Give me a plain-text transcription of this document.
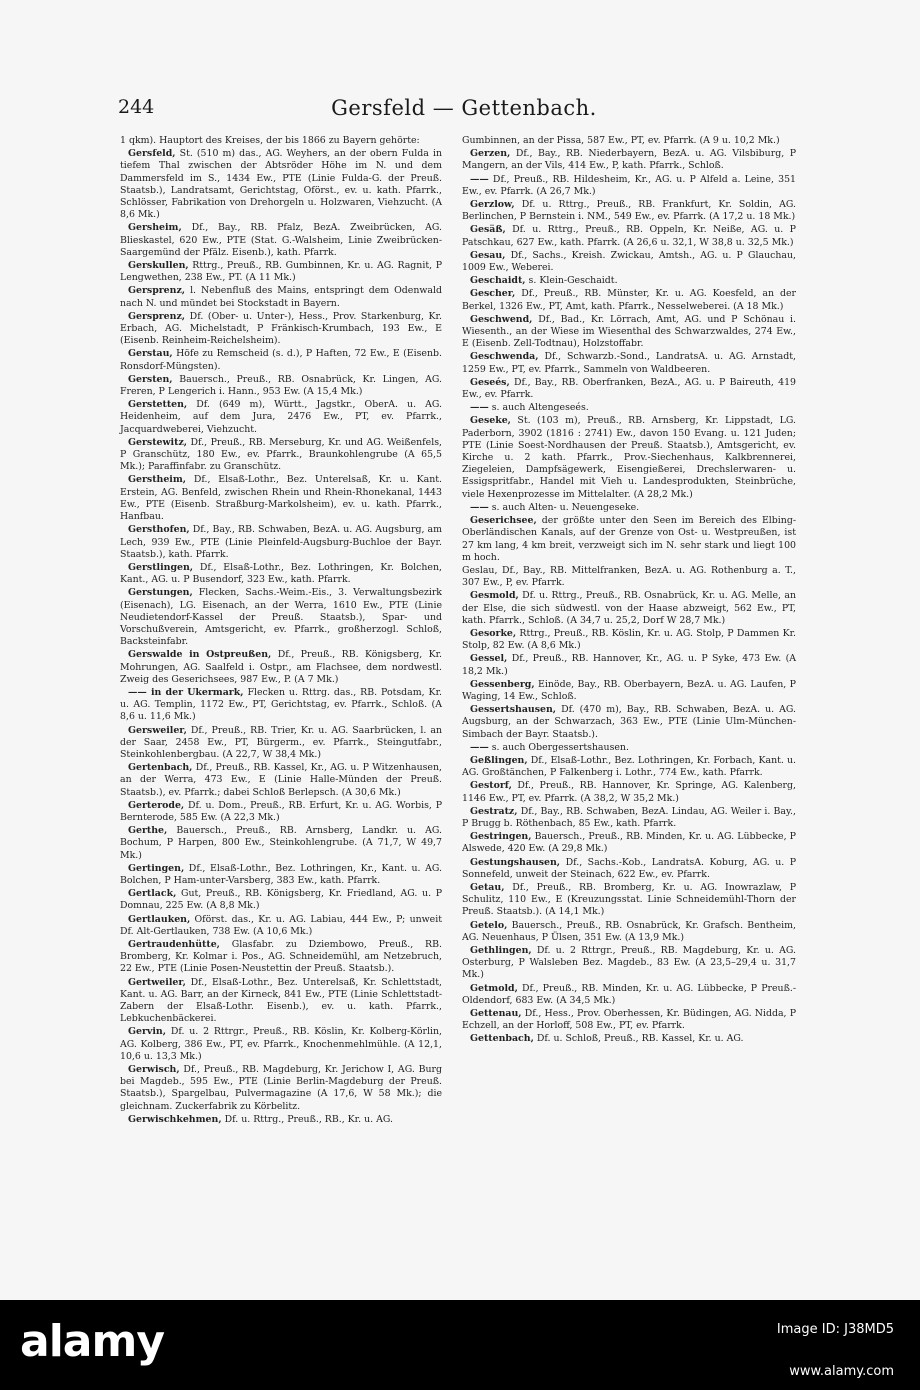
244	Gersfeld — Gettenbach.

1 qkm). Hauptort des Kreises, der bis 1866 zu Bayern gehörte:

Gersfeld, St. (510 m) das., AG. Weyhers, an der obern Fulda in tiefem Thal zwischen der Abtsröder Höhe im N. und dem Dammersfeld im S., 1434 Ew., PTE (Linie Fulda-G. der Preuß. Staatsb.), Landratsamt, Gerichtstag, Oförst., ev. u. kath. Pfarrk., Schlösser, Fabrikation von Drehorgeln u. Holzwaren, Viehzucht. (A 8,6 Mk.)

Gersheim, Df., Bay., RB. Pfalz, BezA. Zweibrücken, AG. Blieskastel, 620 Ew., PTE (Stat. G.-Walsheim, Linie Zweibrücken-Saargemünd der Pfälz. Eisenb.), kath. Pfarrk.

Gerskullen, Rttrg., Preuß., RB. Gumbinnen, Kr. u. AG. Ragnit, P Lengwethen, 238 Ew., PT. (A 11 Mk.)

Gersprenz, l. Nebenfluß des Mains, entspringt dem Odenwald nach N. und mündet bei Stockstadt in Bayern.

Gersprenz, Df. (Ober- u. Unter-), Hess., Prov. Starkenburg, Kr. Erbach, AG. Michelstadt, P Fränkisch-Krumbach, 193 Ew., E (Eisenb. Reinheim-Reichelsheim).

Gerstau, Höfe zu Remscheid (s. d.), P Haften, 72 Ew., E (Eisenb. Ronsdorf-Müngsten).

Gersten, Bauersch., Preuß., RB. Osnabrück, Kr. Lingen, AG. Freren, P Lengerich i. Hann., 953 Ew. (A 15,4 Mk.)

Gerstetten, Df. (649 m), Württ., Jagstkr., OberA. u. AG. Heidenheim, auf dem Jura, 2476 Ew., PT, ev. Pfarrk., Jacquardweberei, Viehzucht.

Gerstewitz, Df., Preuß., RB. Merseburg, Kr. und AG. Weißenfels, P Granschütz, 180 Ew., ev. Pfarrk., Braunkohlengrube (A 65,5 Mk.); Paraffinfabr. zu Granschütz.

Gerstheim, Df., Elsaß-Lothr., Bez. Unterelsaß, Kr. u. Kant. Erstein, AG. Benfeld, zwischen Rhein und Rhein-Rhonekanal, 1443 Ew., PTE (Eisenb. Straßburg-Markolsheim), ev. u. kath. Pfarrk., Hanfbau.

Gersthofen, Df., Bay., RB. Schwaben, BezA. u. AG. Augsburg, am Lech, 939 Ew., PTE (Linie Pleinfeld-Augsburg-Buchloe der Bayr. Staatsb.), kath. Pfarrk.

Gerstlingen, Df., Elsaß-Lothr., Bez. Lothringen, Kr. Bolchen, Kant., AG. u. P Busendorf, 323 Ew., kath. Pfarrk.

Gerstungen, Flecken, Sachs.-Weim.-Eis., 3. Verwaltungsbezirk (Eisenach), LG. Eisenach, an der Werra, 1610 Ew., PTE (Linie Neudietendorf-Kassel der Preuß. Staatsb.), Spar- und Vorschußverein, Amtsgericht, ev. Pfarrk., großherzogl. Schloß, Backsteinfabr.

Gerswalde in Ostpreußen, Df., Preuß., RB. Königsberg, Kr. Mohrungen, AG. Saalfeld i. Ostpr., am Flachsee, dem nordwestl. Zweig des Geserichsees, 987 Ew., P. (A 7 Mk.)

—— in der Ukermark, Flecken u. Rttrg. das., RB. Potsdam, Kr. u. AG. Templin, 1172 Ew., PT, Gerichtstag, ev. Pfarrk., Schloß. (A 8,6 u. 11,6 Mk.)

Gersweiler, Df., Preuß., RB. Trier, Kr. u. AG. Saarbrücken, l. an der Saar, 2458 Ew., PT, Bürgerm., ev. Pfarrk., Steingutfabr., Steinkohlenbergbau. (A 22,7, W 38,4 Mk.)

Gertenbach, Df., Preuß., RB. Kassel, Kr., AG. u. P Witzenhausen, an der Werra, 473 Ew., E (Linie Halle-Münden der Preuß. Staatsb.), ev. Pfarrk.; dabei Schloß Berlepsch. (A 30,6 Mk.)

Gerterode, Df. u. Dom., Preuß., RB. Erfurt, Kr. u. AG. Worbis, P Bernterode, 585 Ew. (A 22,3 Mk.)

Gerthe, Bauersch., Preuß., RB. Arnsberg, Landkr. u. AG. Bochum, P Harpen, 800 Ew., Steinkohlengrube. (A 71,7, W 49,7 Mk.)

Gertingen, Df., Elsaß-Lothr., Bez. Lothringen, Kr., Kant. u. AG. Bolchen, P Ham-unter-Varsberg, 383 Ew., kath. Pfarrk.

Gertlack, Gut, Preuß., RB. Königsberg, Kr. Friedland, AG. u. P Domnau, 225 Ew. (A 8,8 Mk.)

Gertlauken, Oförst. das., Kr. u. AG. Labiau, 444 Ew., P; unweit Df. Alt-Gertlauken, 738 Ew. (A 10,6 Mk.)

Gertraudenhütte, Glasfabr. zu Dziembowo, Preuß., RB. Bromberg, Kr. Kolmar i. Pos., AG. Schneidemühl, am Netzebruch, 22 Ew., PTE (Linie Posen-Neustettin der Preuß. Staatsb.).

Gertweiler, Df., Elsaß-Lothr., Bez. Unterelsaß, Kr. Schlettstadt, Kant. u. AG. Barr, an der Kirneck, 841 Ew., PTE (Linie Schlettstadt-Zabern der Elsaß-Lothr. Eisenb.), ev. u. kath. Pfarrk., Lebkuchenbäckerei.

Gervin, Df. u. 2 Rttrgr., Preuß., RB. Köslin, Kr. Kolberg-Körlin, AG. Kolberg, 386 Ew., PT, ev. Pfarrk., Knochenmehlmühle. (A 12,1, 10,6 u. 13,3 Mk.)

Gerwisch, Df., Preuß., RB. Magdeburg, Kr. Jerichow I, AG. Burg bei Magdeb., 595 Ew., PTE (Linie Berlin-Magdeburg der Preuß. Staatsb.), Spargelbau, Pulvermagazine (A 17,6, W 58 Mk.); die gleichnam. Zuckerfabrik zu Körbelitz.

Gerwischkehmen, Df. u. Rttrg., Preuß., RB., Kr. u. AG.

Gumbinnen, an der Pissa, 587 Ew., PT, ev. Pfarrk. (A 9 u. 10,2 Mk.)

Gerzen, Df., Bay., RB. Niederbayern, BezA. u. AG. Vilsbiburg, P Mangern, an der Vils, 414 Ew., P, kath. Pfarrk., Schloß.

—— Df., Preuß., RB. Hildesheim, Kr., AG. u. P Alfeld a. Leine, 351 Ew., ev. Pfarrk. (A 26,7 Mk.)

Gerzlow, Df. u. Rttrg., Preuß., RB. Frankfurt, Kr. Soldin, AG. Berlinchen, P Bernstein i. NM., 549 Ew., ev. Pfarrk. (A 17,2 u. 18 Mk.)

Gesäß, Df. u. Rttrg., Preuß., RB. Oppeln, Kr. Neiße, AG. u. P Patschkau, 627 Ew., kath. Pfarrk. (A 26,6 u. 32,1, W 38,8 u. 32,5 Mk.)

Gesau, Df., Sachs., Kreish. Zwickau, Amtsh., AG. u. P Glauchau, 1009 Ew., Weberei.

Geschaidt, s. Klein-Geschaidt.

Gescher, Df., Preuß., RB. Münster, Kr. u. AG. Koesfeld, an der Berkel, 1326 Ew., PT, Amt, kath. Pfarrk., Nesselweberei. (A 18 Mk.)

Geschwend, Df., Bad., Kr. Lörrach, Amt, AG. und P Schönau i. Wiesenth., an der Wiese im Wiesenthal des Schwarzwaldes, 274 Ew., E (Eisenb. Zell-Todtnau), Holzstoffabr.

Geschwenda, Df., Schwarzb.-Sond., LandratsA. u. AG. Arnstadt, 1259 Ew., PT, ev. Pfarrk., Sammeln von Waldbeeren.

Geseés, Df., Bay., RB. Oberfranken, BezA., AG. u. P Baireuth, 419 Ew., ev. Pfarrk.

—— s. auch Altengeseés.

Geseke, St. (103 m), Preuß., RB. Arnsberg, Kr. Lippstadt, LG. Paderborn, 3902 (1816 : 2741) Ew., davon 150 Evang. u. 121 Juden; PTE (Linie Soest-Nordhausen der Preuß. Staatsb.), Amtsgericht, ev. Kirche u. 2 kath. Pfarrk., Prov.-Siechenhaus, Kalkbrennerei, Ziegeleien, Dampfsägewerk, Eisengießerei, Drechslerwaren- u. Essigspritfabr., Handel mit Vieh u. Landesprodukten, Steinbrüche, viele Hexenprozesse im Mittelalter. (A 28,2 Mk.)

—— s. auch Alten- u. Neuengeseke.

Geserichsee, der größte unter den Seen im Bereich des Elbing-Oberländischen Kanals, auf der Grenze von Ost- u. Westpreußen, ist 27 km lang, 4 km breit, verzweigt sich im N. sehr stark und liegt 100 m hoch.

Geslau, Df., Bay., RB. Mittelfranken, BezA. u. AG. Rothenburg a. T., 307 Ew., P, ev. Pfarrk.

Gesmold, Df. u. Rttrg., Preuß., RB. Osnabrück, Kr. u. AG. Melle, an der Else, die sich südwestl. von der Haase abzweigt, 562 Ew., PT, kath. Pfarrk., Schloß. (A 34,7 u. 25,2, Dorf W 28,7 Mk.)

Gesorke, Rttrg., Preuß., RB. Köslin, Kr. u. AG. Stolp, P Dammen Kr. Stolp, 82 Ew. (A 8,6 Mk.)

Gessel, Df., Preuß., RB. Hannover, Kr., AG. u. P Syke, 473 Ew. (A 18,2 Mk.)

Gessenberg, Einöde, Bay., RB. Oberbayern, BezA. u. AG. Laufen, P Waging, 14 Ew., Schloß.

Gessertshausen, Df. (470 m), Bay., RB. Schwaben, BezA. u. AG. Augsburg, an der Schwarzach, 363 Ew., PTE (Linie Ulm-München-Simbach der Bayr. Staatsb.).

—— s. auch Obergessertshausen.

Geßlingen, Df., Elsaß-Lothr., Bez. Lothringen, Kr. Forbach, Kant. u. AG. Großtänchen, P Falkenberg i. Lothr., 774 Ew., kath. Pfarrk.

Gestorf, Df., Preuß., RB. Hannover, Kr. Springe, AG. Kalenberg, 1146 Ew., PT, ev. Pfarrk. (A 38,2, W 35,2 Mk.)

Gestratz, Df., Bay., RB. Schwaben, BezA. Lindau, AG. Weiler i. Bay., P Brugg b. Röthenbach, 85 Ew., kath. Pfarrk.

Gestringen, Bauersch., Preuß., RB. Minden, Kr. u. AG. Lübbecke, P Alswede, 420 Ew. (A 29,8 Mk.)

Gestungshausen, Df., Sachs.-Kob., LandratsA. Koburg, AG. u. P Sonnefeld, unweit der Steinach, 622 Ew., ev. Pfarrk.

Getau, Df., Preuß., RB. Bromberg, Kr. u. AG. Inowrazlaw, P Schulitz, 110 Ew., E (Kreuzungsstat. Linie Schneidemühl-Thorn der Preuß. Staatsb.). (A 14,1 Mk.)

Getelo, Bauersch., Preuß., RB. Osnabrück, Kr. Grafsch. Bentheim, AG. Neuenhaus, P Ülsen, 351 Ew. (A 13,9 Mk.)

Gethlingen, Df. u. 2 Rttrgr., Preuß., RB. Magdeburg, Kr. u. AG. Osterburg, P Walsleben Bez. Magdeb., 83 Ew. (A 23,5–29,4 u. 31,7 Mk.)

Getmold, Df., Preuß., RB. Minden, Kr. u. AG. Lübbecke, P Preuß.-Oldendorf, 683 Ew. (A 34,5 Mk.)

Gettenau, Df., Hess., Prov. Oberhessen, Kr. Büdingen, AG. Nidda, P Echzell, an der Horloff, 508 Ew., PT, ev. Pfarrk.

Gettenbach, Df. u. Schloß, Preuß., RB. Kassel, Kr. u. AG.

alamy	Image ID: J38MD5
www.alamy.com
